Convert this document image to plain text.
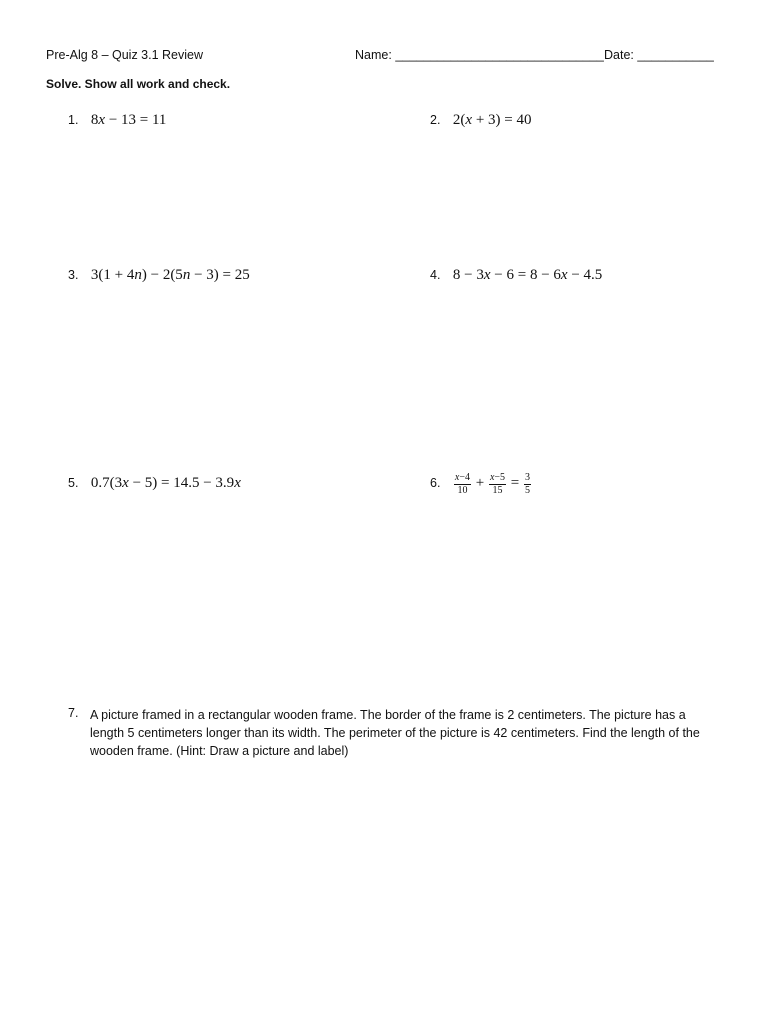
Pre-Alg 8 – Quiz 3.1 Review	Name: ______________________________ Date: ___________
Solve. Show all work and check.
1. 8x − 13 = 11	2. 2(x + 3) = 40
3. 3(1 + 4n) − 2(5n − 3) = 25	4. 8 − 3x − 6 = 8 − 6x − 4.5
5. 0.7(3x − 5) = 14.5 − 3.9x	6. $\frac{x-4}{10} + \frac{x-5}{15} = \frac{3}{5}$
7. A picture framed in a rectangular wooden frame. The border of the frame is 2 centimeters. The picture has a length 5 centimeters longer than its width. The perimeter of the picture is 42 centimeters. Find the length of the wooden frame. (Hint: Draw a picture and label)
